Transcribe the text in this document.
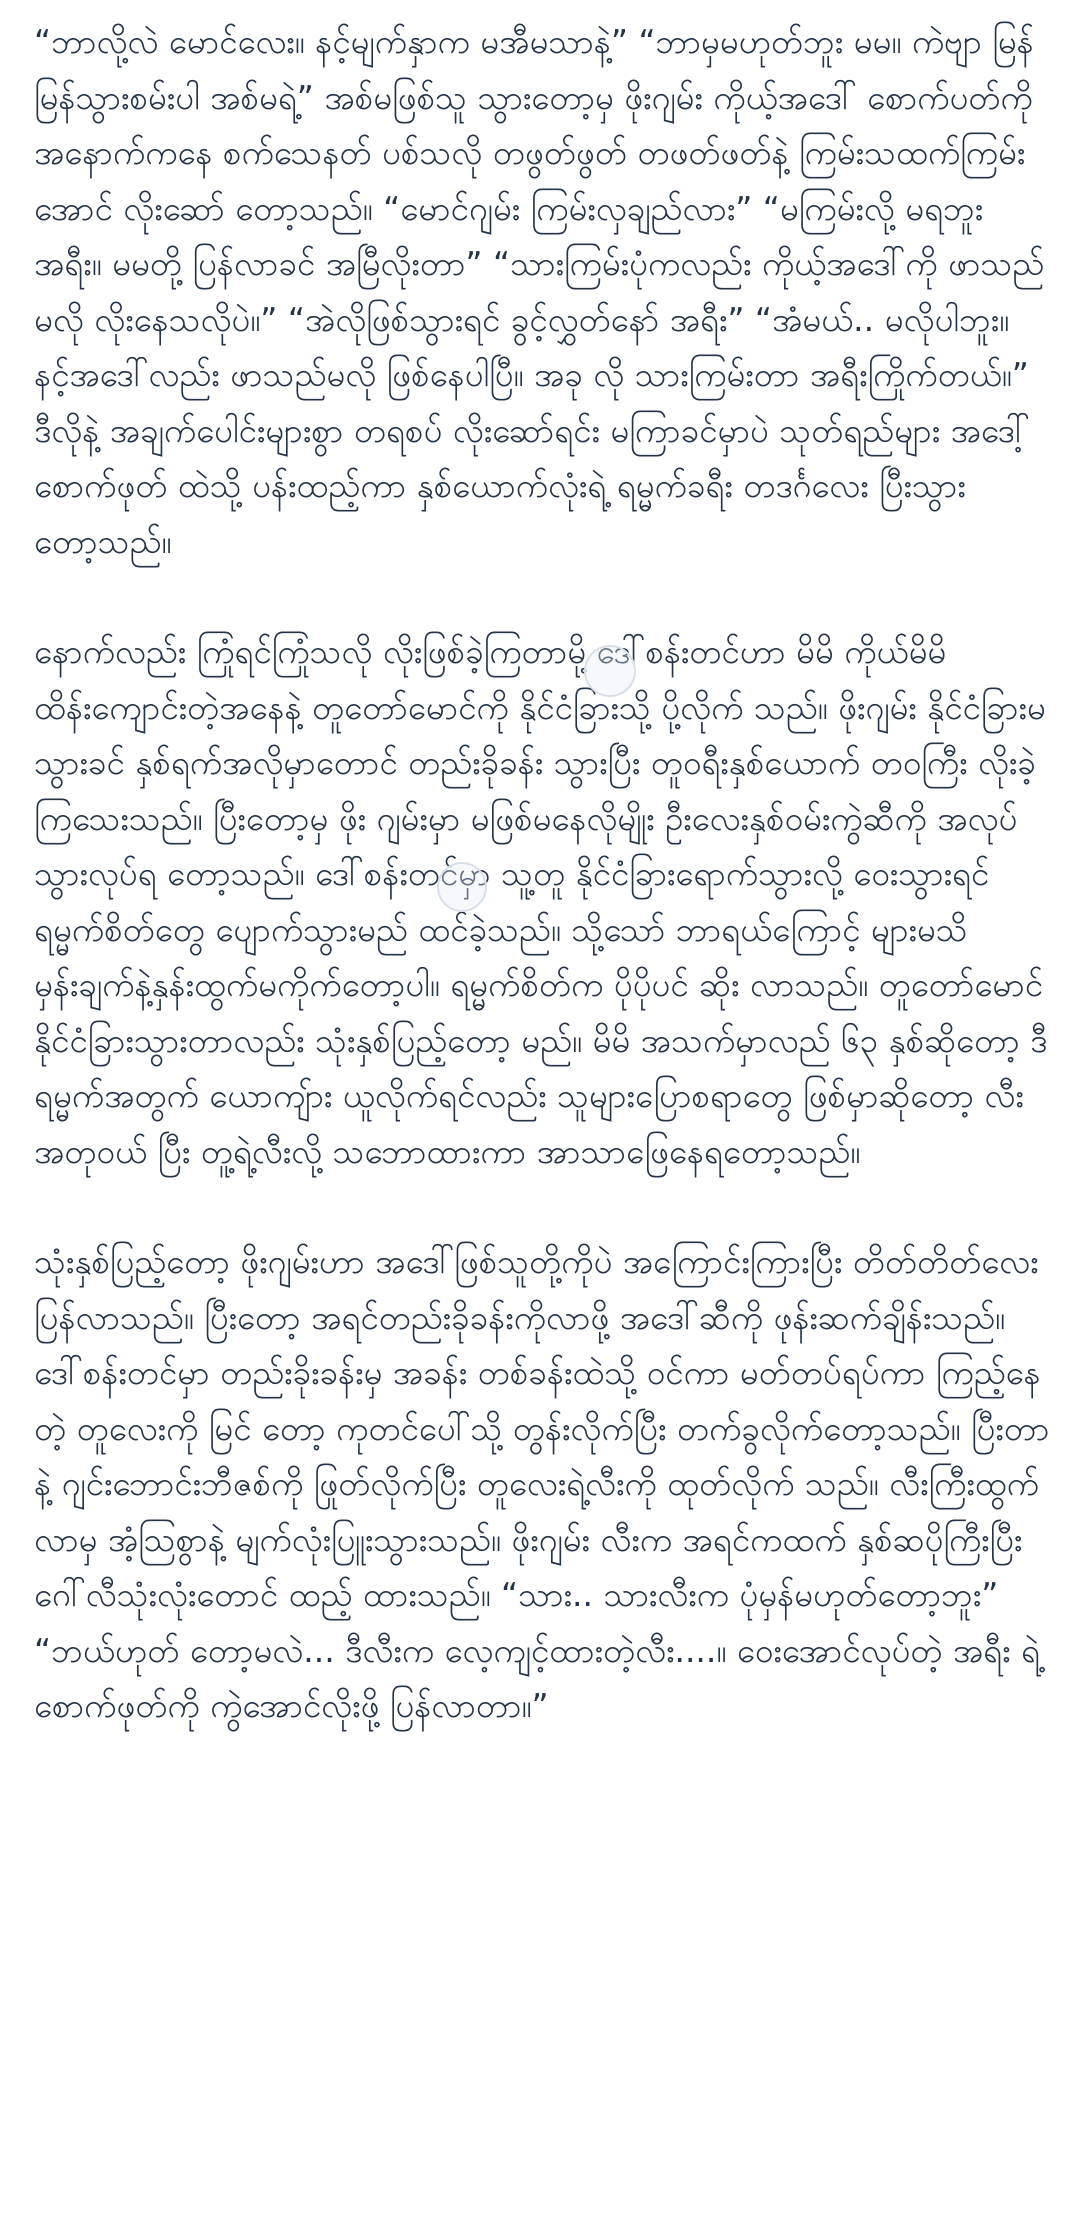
“ဘာလို့လဲ မောင်လေး။ နင့်မျက်နှာက မအီမသာနဲ့” “ဘာမှမဟုတ်ဘူး မမ။ ကဲဗျာ မြန်မြန်သွားစမ်းပါ အစ်မရဲ့” အစ်မဖြစ်သူ သွားတော့မှ ဖိုးဂျမ်း ကိုယ့်အဒေါ် စောက်ပတ်ကို အနောက်ကနေ စက်သေနတ် ပစ်သလို တဖွတ်ဖွတ် တဖတ်ဖတ်နဲ့ ကြမ်းသထက်ကြမ်းအောင် လိုးဆော် တော့သည်။ “မောင်ဂျမ်း ကြမ်းလှချည်လား” “မကြမ်းလို့ မရဘူး အရီး။ မမတို့ ပြန်လာခင် အမြီလိုးတာ” “သားကြမ်းပုံကလည်း ကိုယ့်အဒေါ်ကို ဖာသည်မလို လိုးနေသလိုပဲ။” “အဲလိုဖြစ်သွားရင် ခွင့်လွှတ်နော် အရီး” “အံမယ်.. မလိုပါဘူး။ နင့်အဒေါ်လည်း ဖာသည်မလို ဖြစ်နေပါပြီ။ အခု လို သားကြမ်းတာ အရီးကြိုက်တယ်။” ဒီလိုနဲ့ အချက်ပေါင်းများစွာ တရစပ် လိုးဆော်ရင်း မကြာခင်မှာပဲ သုတ်ရည်များ အဒေါ့်စောက်ဖုတ် ထဲသို့ ပန်းထည့်ကာ နှစ်ယောက်လုံးရဲ့ ရမ္မက်ခရီး တဒင်္ဂလေး ပြီးသွား တော့သည်။

နောက်လည်း ကြုံရင်ကြုံသလို လိုးဖြစ်ခဲ့ကြတာမို့ ဒေါ်စန်းတင်ဟာ မိမိ ကိုယ်မိမိ ထိန်းကျောင်းတဲ့အနေနဲ့ တူတော်မောင်ကို နိုင်ငံခြားသို့ ပို့လိုက် သည်။ ဖိုးဂျမ်း နိုင်ငံခြားမသွားခင် နှစ်ရက်အလိုမှာတောင် တည်းခိုခန်း သွားပြီး တူဝရီးနှစ်ယောက် တဝကြီး လိုးခဲ့ကြသေးသည်။ ပြီးတော့မှ ဖိုး ဂျမ်းမှာ မဖြစ်မနေလိုမျိုး ဦးလေးနှစ်ဝမ်းကွဲဆီကို အလုပ်သွားလုပ်ရ တော့သည်။ ဒေါ်စန်းတင်မှာ သူ့တူ နိုင်ငံခြားရောက်သွားလို့ ဝေးသွားရင် ရမ္မက်စိတ်တွေ ပျောက်သွားမည် ထင်ခဲ့သည်။ သို့သော် ဘာရယ်ကြောင့် များမသိ မှန်းချက်နဲ့နှန်းထွက်မကိုက်တော့ပါ။ ရမ္မက်စိတ်က ပိုပိုပင် ဆိုး လာသည်။ တူတော်မောင် နိုင်ငံခြားသွားတာလည်း သုံးနှစ်ပြည့်တော့ မည်။ မိမိ အသက်မှာလည် ၆၃ နှစ်ဆိုတော့ ဒီရမ္မက်အတွက် ယောကျ်ား ယူလိုက်ရင်လည်း သူများပြောစရာတွေ ဖြစ်မှာဆိုတော့ လီးအတုဝယ် ပြီး တူ့ရဲ့လီးလို့ သဘောထားကာ အာသာဖြေနေရတော့သည်။

သုံးနှစ်ပြည့်တော့ ဖိုးဂျမ်းဟာ အဒေါ်ဖြစ်သူတို့ကိုပဲ အကြောင်းကြားပြီး တိတ်တိတ်လေး ပြန်လာသည်။ ပြီးတော့ အရင်တည်းခိုခန်းကိုလာဖို့ အဒေါ်ဆီကို ဖုန်းဆက်ချိန်းသည်။ ဒေါ်စန်းတင်မှာ တည်းခိုးခန်းမှ အခန်း တစ်ခန်းထဲသို့ ဝင်ကာ မတ်တပ်ရပ်ကာ ကြည့်နေတဲ့ တူလေးကို မြင် တော့ ကုတင်ပေါ်သို့ တွန်းလိုက်ပြီး တက်ခွလိုက်တော့သည်။ ပြီးတာနဲ့ ဂျင်းဘောင်းဘီဇစ်ကို ဖြုတ်လိုက်ပြီး တူလေးရဲ့လီးကို ထုတ်လိုက် သည်။ လီးကြီးထွက်လာမှ အံ့သြစွာနဲ့ မျက်လုံးပြူးသွားသည်။ ဖိုးဂျမ်း လီးက အရင်ကထက် နှစ်ဆပိုကြီးပြီး ဂေါ်လီသုံးလုံးတောင် ထည့် ထားသည်။ “သား.. သားလီးက ပုံမှန်မဟုတ်တော့ဘူး” “ဘယ်ဟုတ် တော့မလဲ... ဒီလီးက လေ့ကျင့်ထားတဲ့လီး....။ ဝေးအောင်လုပ်တဲ့ အရီး ရဲ့ စောက်ဖုတ်ကို ကွဲအောင်လိုးဖို့ ပြန်လာတာ။”
